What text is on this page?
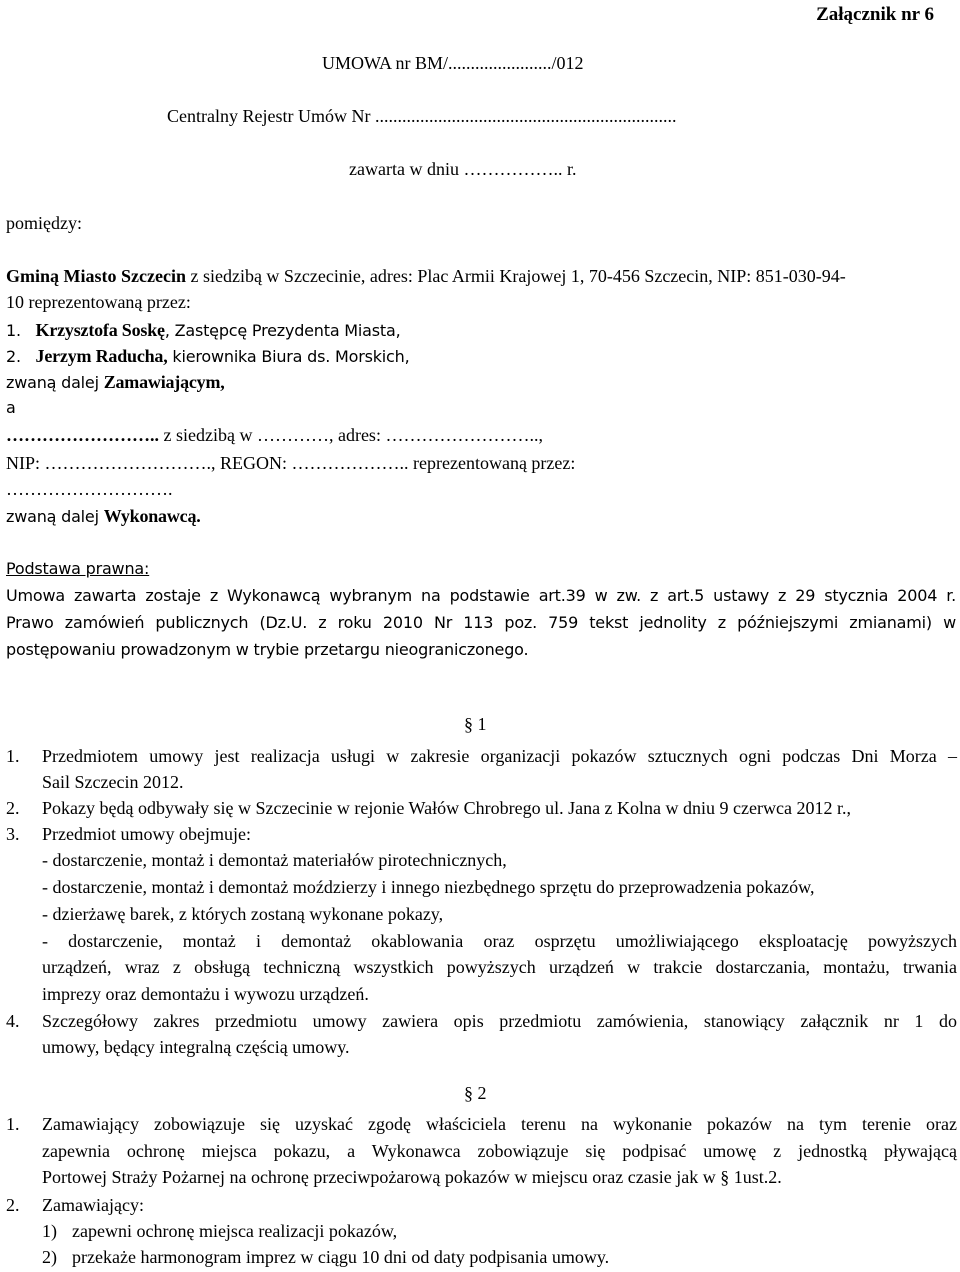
Załącznik nr 6
UMOWA nr BM/......................./012
Centralny Rejestr Umów Nr ...................................................................
zawarta w dniu …………….. r.
pomiędzy:
Gminą Miasto Szczecin z siedzibą w Szczecinie, adres: Plac Armii Krajowej 1, 70-456 Szczecin, NIP: 851-030-94-
10 reprezentowaną przez:
1. Krzysztofa Soskę, Zastępcę Prezydenta Miasta,
2. Jerzym Raducha, kierownika Biura ds. Morskich,
zwaną dalej Zamawiającym,
a
…………………….. z siedzibą w …………, adres: ……………………..,
NIP: ………………………., REGON: ……………….. reprezentowaną przez:
……………………….
zwaną dalej Wykonawcą.
Podstawa prawna:
Umowa zawarta zostaje z Wykonawcą wybranym na podstawie art.39 w zw. z art.5 ustawy z 29 stycznia 2004 r.
Prawo zamówień publicznych (Dz.U. z roku 2010 Nr 113 poz. 759 tekst jednolity z późniejszymi zmianami) w
postępowaniu prowadzonym w trybie przetargu nieograniczonego.
§ 1
1. Przedmiotem umowy jest realizacja usługi w zakresie organizacji pokazów sztucznych ogni podczas Dni Morza –
Sail Szczecin 2012.
2. Pokazy będą odbywały się w Szczecinie w rejonie Wałów Chrobrego ul. Jana z Kolna w dniu 9 czerwca 2012 r.,
3. Przedmiot umowy obejmuje:
- dostarczenie, montaż i demontaż materiałów pirotechnicznych,
- dostarczenie, montaż i demontaż moździerzy i innego niezbędnego sprzętu do przeprowadzenia pokazów,
- dzierżawę barek, z których zostaną wykonane pokazy,
- dostarczenie, montaż i demontaż okablowania oraz osprzętu umożliwiającego eksploatację powyższych
urządzeń, wraz z obsługą techniczną wszystkich powyższych urządzeń w trakcie dostarczania, montażu, trwania
imprezy oraz demontażu i wywozu urządzeń.
4. Szczegółowy zakres przedmiotu umowy zawiera opis przedmiotu zamówienia, stanowiący załącznik nr 1 do
umowy, będący integralną częścią umowy.
§ 2
1. Zamawiający zobowiązuje się uzyskać zgodę właściciela terenu na wykonanie pokazów na tym terenie oraz
zapewnia ochronę miejsca pokazu, a Wykonawca zobowiązuje się podpisać umowę z jednostką pływającą
Portowej Straży Pożarnej na ochronę przeciwpożarową pokazów w miejscu oraz czasie jak w § 1ust.2.
2. Zamawiający:
1) zapewni ochronę miejsca realizacji pokazów,
2) przekaże harmonogram imprez w ciągu 10 dni od daty podpisania umowy.
